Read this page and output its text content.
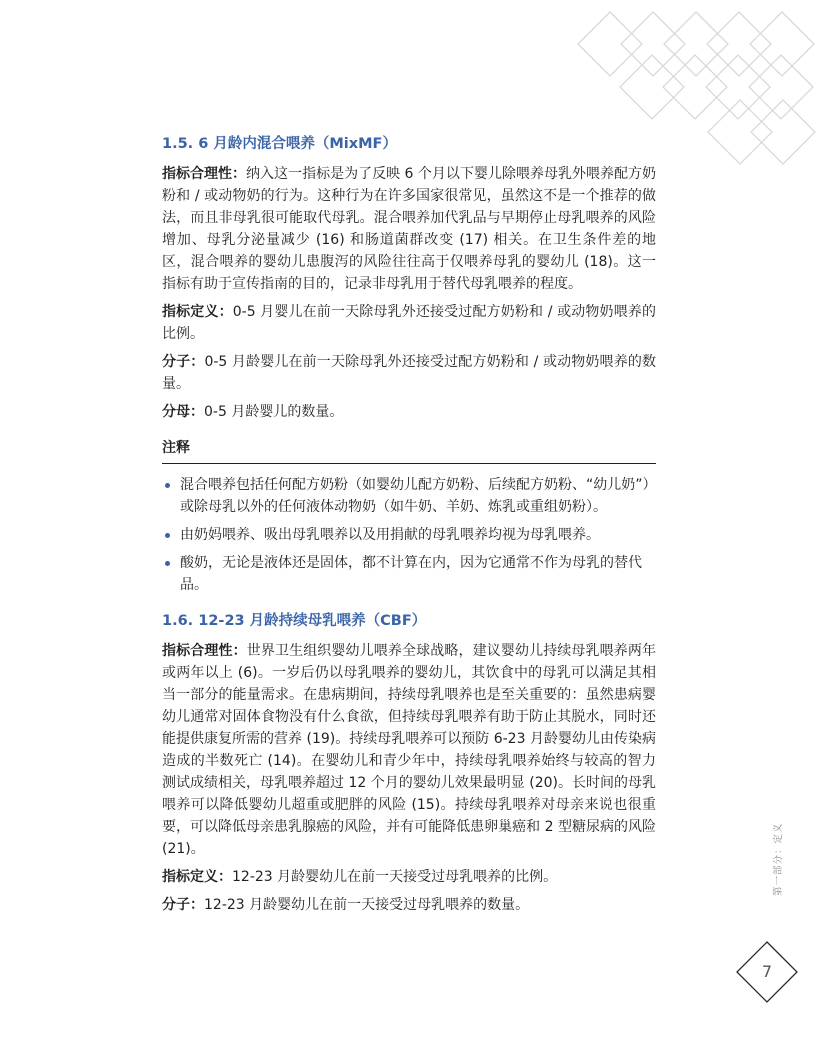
1.5. 6 月龄内混合喂养（MixMF）

指标合理性：纳入这一指标是为了反映 6 个月以下婴儿除喂养母乳外喂养配方奶粉和 / 或动物奶的行为。这种行为在许多国家很常见，虽然这不是一个推荐的做法，而且非母乳很可能取代母乳。混合喂养加代乳品与早期停止母乳喂养的风险增加、母乳分泌量减少 (16) 和肠道菌群改变 (17) 相关。在卫生条件差的地区，混合喂养的婴幼儿患腹泻的风险往往高于仅喂养母乳的婴幼儿 (18)。这一指标有助于宣传指南的目的，记录非母乳用于替代母乳喂养的程度。

指标定义：0-5 月婴儿在前一天除母乳外还接受过配方奶粉和 / 或动物奶喂养的比例。

分子：0-5 月龄婴儿在前一天除母乳外还接受过配方奶粉和 / 或动物奶喂养的数量。

分母：0-5 月龄婴儿的数量。

注释
混合喂养包括任何配方奶粉（如婴幼儿配方奶粉、后续配方奶粉、“幼儿奶”）或除母乳以外的任何液体动物奶（如牛奶、羊奶、炼乳或重组奶粉）。
由奶妈喂养、吸出母乳喂养以及用捐献的母乳喂养均视为母乳喂养。
酸奶，无论是液体还是固体，都不计算在内，因为它通常不作为母乳的替代品。
1.6. 12-23 月龄持续母乳喂养（CBF）

指标合理性：世界卫生组织婴幼儿喂养全球战略，建议婴幼儿持续母乳喂养两年或两年以上 (6)。一岁后仍以母乳喂养的婴幼儿，其饮食中的母乳可以满足其相当一部分的能量需求。在患病期间，持续母乳喂养也是至关重要的：虽然患病婴幼儿通常对固体食物没有什么食欲，但持续母乳喂养有助于防止其脱水，同时还能提供康复所需的营养 (19)。持续母乳喂养可以预防 6-23 月龄婴幼儿由传染病造成的半数死亡 (14)。在婴幼儿和青少年中，持续母乳喂养始终与较高的智力测试成绩相关，母乳喂养超过 12 个月的婴幼儿效果最明显 (20)。长时间的母乳喂养可以降低婴幼儿超重或肥胖的风险 (15)。持续母乳喂养对母亲来说也很重要，可以降低母亲患乳腺癌的风险，并有可能降低患卵巢癌和 2 型糖尿病的风险 (21)。

指标定义：12-23 月龄婴幼儿在前一天接受过母乳喂养的比例。

分子：12-23 月龄婴幼儿在前一天接受过母乳喂养的数量。

第一部分：定义
7
